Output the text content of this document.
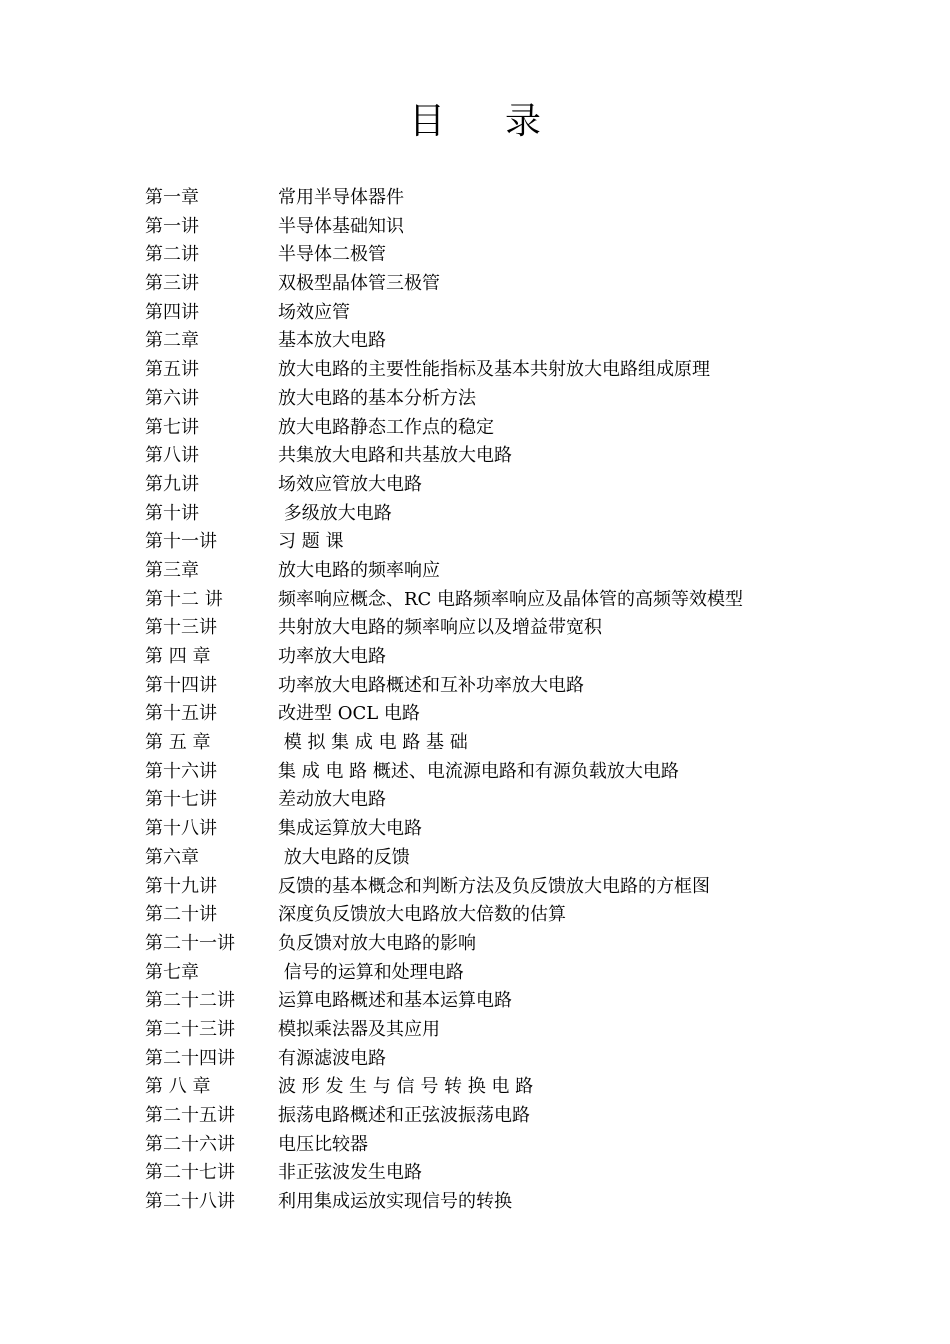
目 录
第一章	常用半导体器件
第一讲	半导体基础知识
第二讲	半导体二极管
第三讲	双极型晶体管三极管
第四讲	场效应管
第二章	基本放大电路
第五讲	放大电路的主要性能指标及基本共射放大电路组成原理
第六讲	放大电路的基本分析方法
第七讲	放大电路静态工作点的稳定
第八讲	共集放大电路和共基放大电路
第九讲	场效应管放大电路
第十讲	多级放大电路
第十一讲	习 题 课
第三章	放大电路的频率响应
第十二 讲	频率响应概念、RC 电路频率响应及晶体管的高频等效模型
第十三讲	共射放大电路的频率响应以及增益带宽积
第 四 章	功率放大电路
第十四讲	功率放大电路概述和互补功率放大电路
第十五讲	改进型 OCL 电路
第 五 章	模 拟 集 成 电 路 基 础
第十六讲	集 成 电 路 概述、电流源电路和有源负载放大电路
第十七讲	差动放大电路
第十八讲	集成运算放大电路
第六章	放大电路的反馈
第十九讲	反馈的基本概念和判断方法及负反馈放大电路的方框图
第二十讲	深度负反馈放大电路放大倍数的估算
第二十一讲	负反馈对放大电路的影响
第七章	信号的运算和处理电路
第二十二讲	运算电路概述和基本运算电路
第二十三讲	模拟乘法器及其应用
第二十四讲	有源滤波电路
第 八 章	波 形 发 生 与 信 号 转 换 电 路
第二十五讲	振荡电路概述和正弦波振荡电路
第二十六讲	电压比较器
第二十七讲	非正弦波发生电路
第二十八讲	利用集成运放实现信号的转换
